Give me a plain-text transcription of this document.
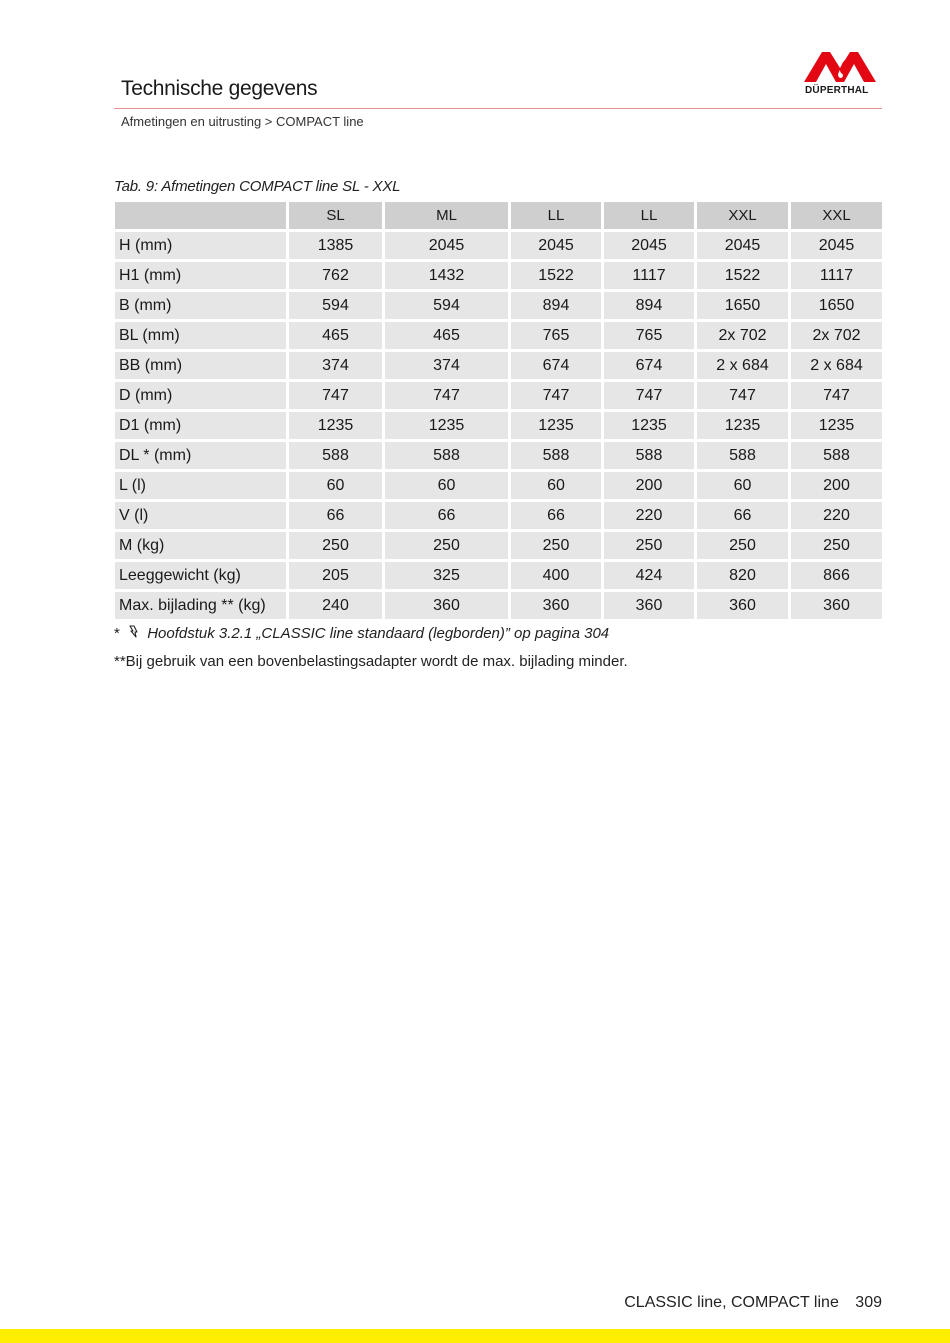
Technische gegevens	DÜPERTHAL
Afmetingen en uitrusting > COMPACT line
Tab. 9: Afmetingen COMPACT line SL - XXL
	SL	ML	LL	LL	XXL	XXL
H (mm)	1385	2045	2045	2045	2045	2045
H1 (mm)	762	1432	1522	1117	1522	1117
B (mm)	594	594	894	894	1650	1650
BL (mm)	465	465	765	765	2x 702	2x 702
BB (mm)	374	374	674	674	2 x 684	2 x 684
D (mm)	747	747	747	747	747	747
D1 (mm)	1235	1235	1235	1235	1235	1235
DL * (mm)	588	588	588	588	588	588
L (l)	60	60	60	200	60	200
V (l)	66	66	66	220	66	220
M (kg)	250	250	250	250	250	250
Leeggewicht (kg)	205	325	400	424	820	866
Max. bijlading ** (kg)	240	360	360	360	360	360
* Hoofdstuk 3.2.1 „CLASSIC line standaard (legborden)” op pagina 304
**Bij gebruik van een bovenbelastingsadapter wordt de max. bijlading minder.
CLASSIC line, COMPACT line 309
